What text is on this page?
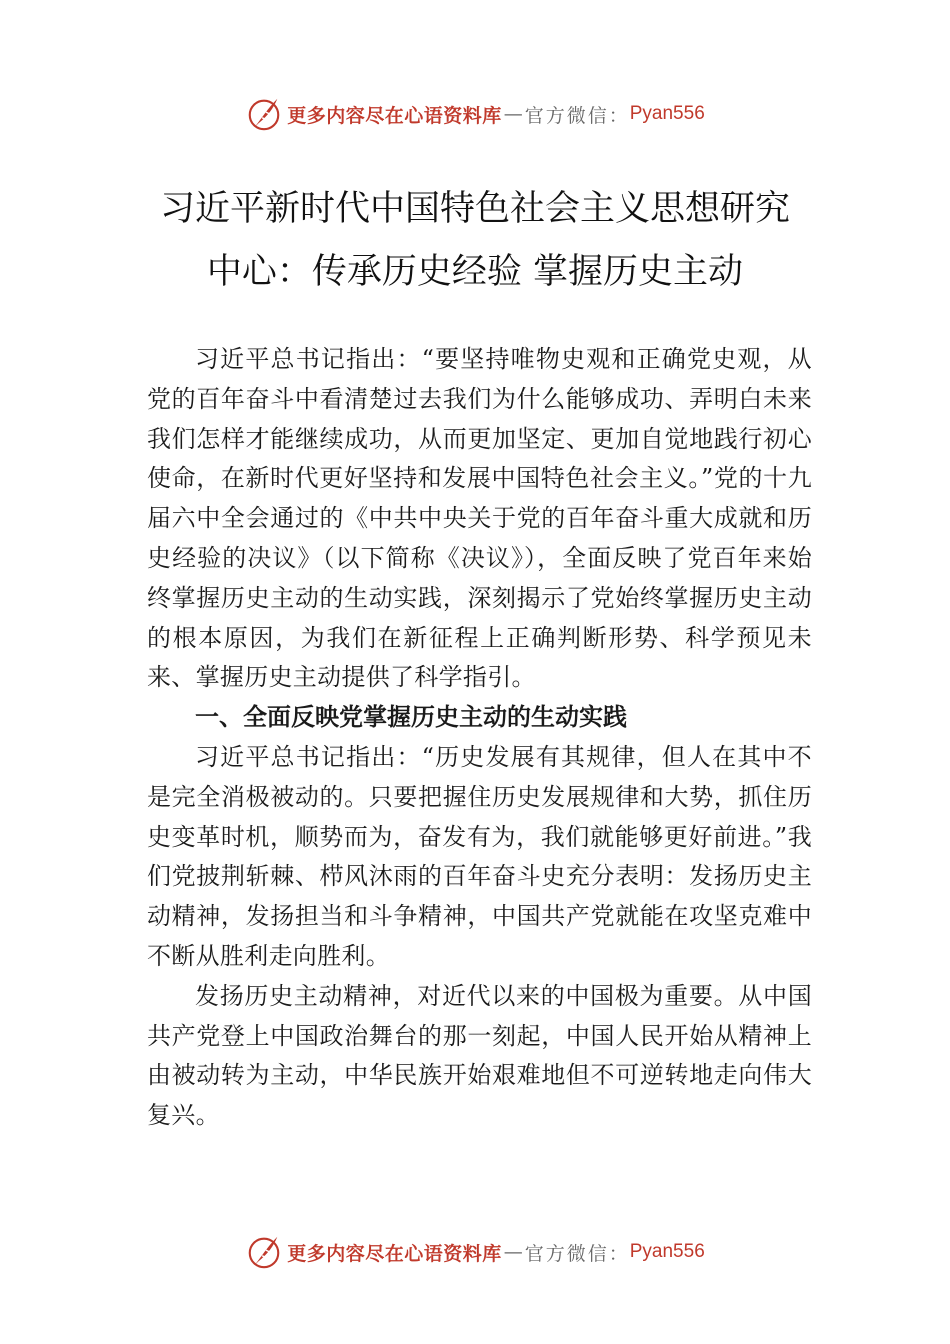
更多内容尽在心语资料库 — 官方微信： Pyan556
习近平新时代中国特色社会主义思想研究
中心：传承历史经验 掌握历史主动

习近平总书记指出：“要坚持唯物史观和正确党史观，从党的百年奋斗中看清楚过去我们为什么能够成功、弄明白未来我们怎样才能继续成功，从而更加坚定、更加自觉地践行初心使命，在新时代更好坚持和发展中国特色社会主义。”党的十九届六中全会通过的《中共中央关于党的百年奋斗重大成就和历史经验的决议》（以下简称《决议》），全面反映了党百年来始终掌握历史主动的生动实践，深刻揭示了党始终掌握历史主动的根本原因，为我们在新征程上正确判断形势、科学预见未来、掌握历史主动提供了科学指引。

一、全面反映党掌握历史主动的生动实践

习近平总书记指出：“历史发展有其规律，但人在其中不是完全消极被动的。只要把握住历史发展规律和大势，抓住历史变革时机，顺势而为，奋发有为，我们就能够更好前进。”我们党披荆斩棘、栉风沐雨的百年奋斗史充分表明：发扬历史主动精神，发扬担当和斗争精神，中国共产党就能在攻坚克难中不断从胜利走向胜利。

发扬历史主动精神，对近代以来的中国极为重要。从中国共产党登上中国政治舞台的那一刻起，中国人民开始从精神上由被动转为主动，中华民族开始艰难地但不可逆转地走向伟大复兴。

更多内容尽在心语资料库 — 官方微信： Pyan556
